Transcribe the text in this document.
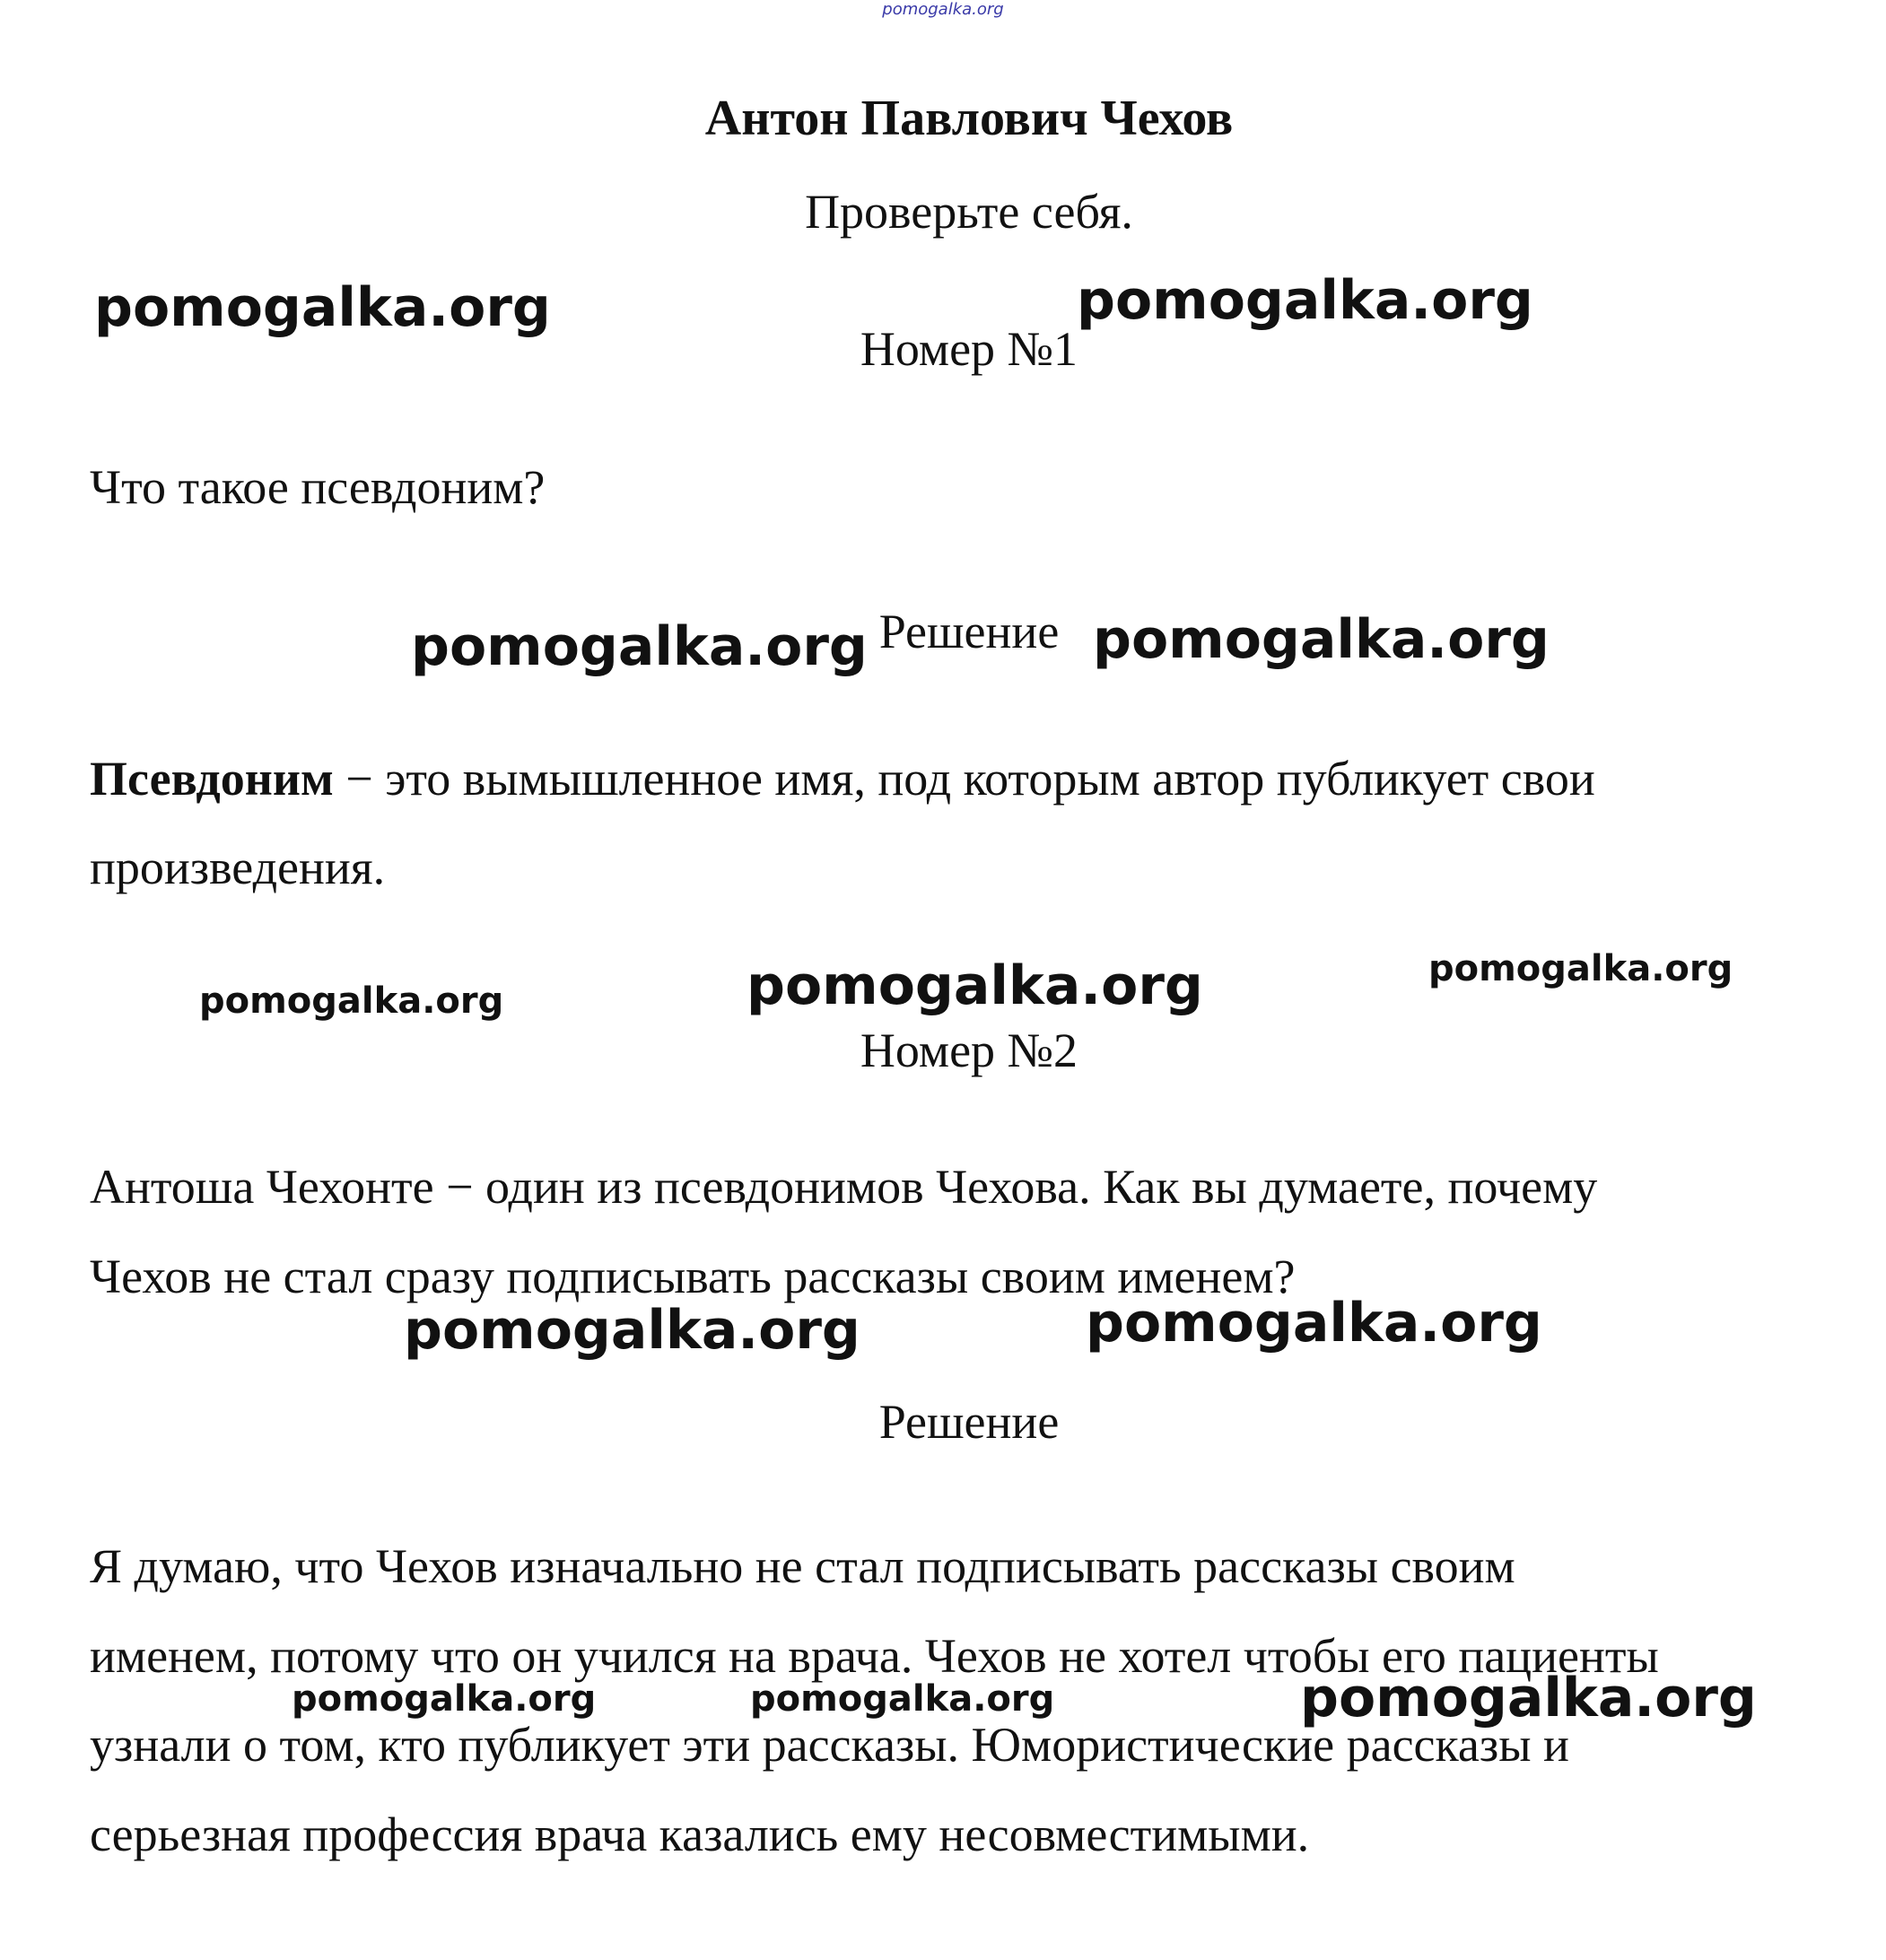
pomogalka.org
Антон Павлович Чехов
Проверьте себя.
Номер №1
Что такое псевдоним?
Решение
Псевдоним − это вымышленное имя, под которым автор публикует свои
произведения.
Номер №2
Антоша Чехонте − один из псевдонимов Чехова. Как вы думаете, почему
Чехов не стал сразу подписывать рассказы своим именем?
Решение
Я думаю, что Чехов изначально не стал подписывать рассказы своим
именем, потому что он учился на врача. Чехов не хотел чтобы его пациенты
узнали о том, кто публикует эти рассказы. Юмористические рассказы и
серьезная профессия врача казались ему несовместимыми.
pomogalka.org	pomogalka.org
pomogalka.org	pomogalka.org
pomogalka.org	pomogalka.org	pomogalka.org
pomogalka.org	pomogalka.org
pomogalka.org	pomogalka.org	pomogalka.org
